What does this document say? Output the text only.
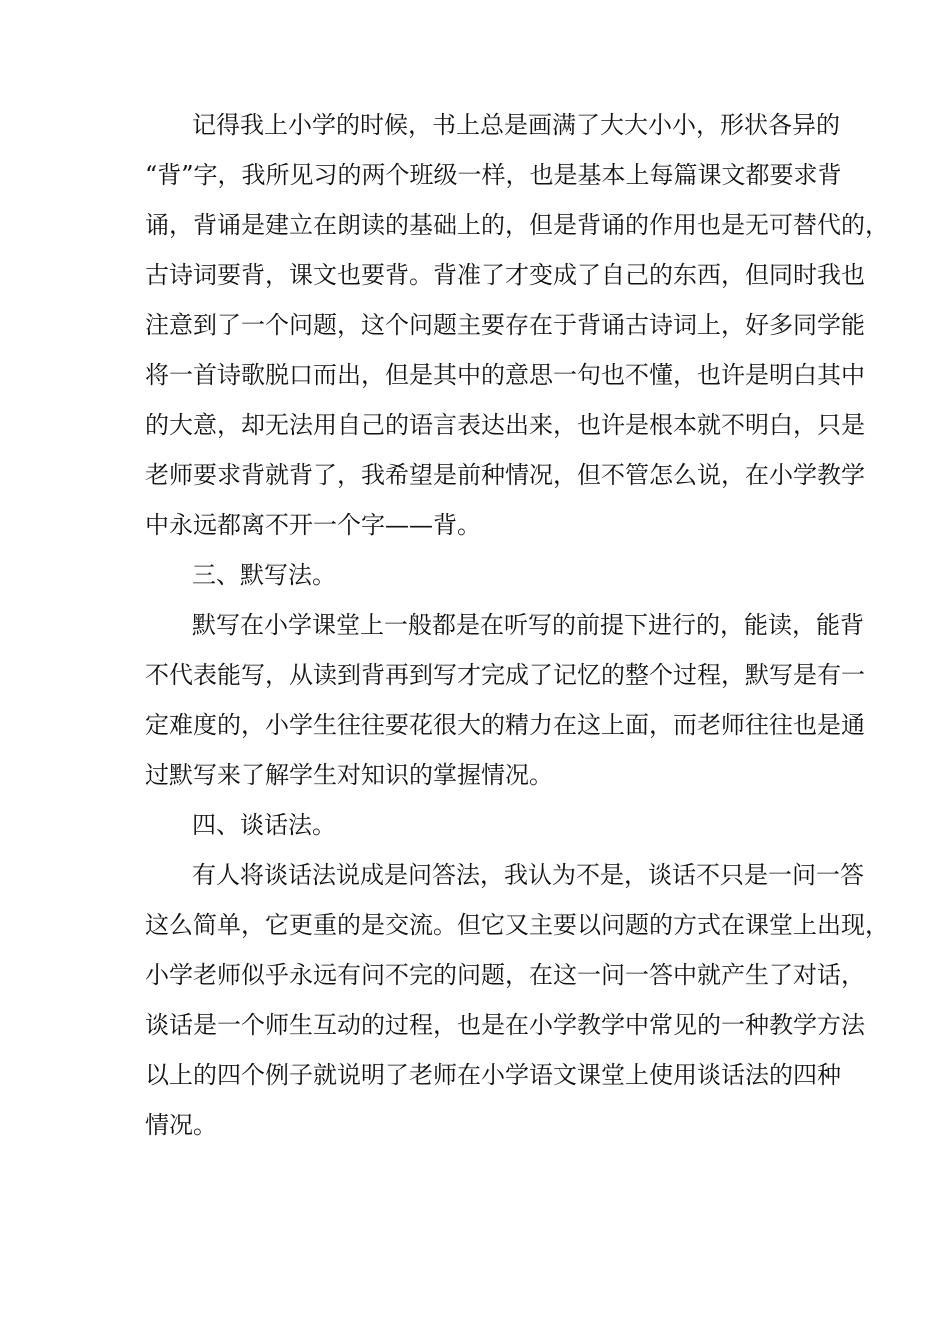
记得我上小学的时候，书上总是画满了大大小小，形状各异的
“背”字，我所见习的两个班级一样，也是基本上每篇课文都要求背
诵，背诵是建立在朗读的基础上的，但是背诵的作用也是无可替代的，
古诗词要背，课文也要背。背准了才变成了自己的东西，但同时我也
注意到了一个问题，这个问题主要存在于背诵古诗词上，好多同学能
将一首诗歌脱口而出，但是其中的意思一句也不懂，也许是明白其中
的大意，却无法用自己的语言表达出来，也许是根本就不明白，只是
老师要求背就背了，我希望是前种情况，但不管怎么说，在小学教学
中永远都离不开一个字——背。
三、默写法。
默写在小学课堂上一般都是在听写的前提下进行的，能读，能背
不代表能写，从读到背再到写才完成了记忆的整个过程，默写是有一
定难度的，小学生往往要花很大的精力在这上面，而老师往往也是通
过默写来了解学生对知识的掌握情况。
四、谈话法。
有人将谈话法说成是问答法，我认为不是，谈话不只是一问一答
这么简单，它更重的是交流。但它又主要以问题的方式在课堂上出现，
小学老师似乎永远有问不完的问题，在这一问一答中就产生了对话，
谈话是一个师生互动的过程，也是在小学教学中常见的一种教学方法
以上的四个例子就说明了老师在小学语文课堂上使用谈话法的四种
情况。
